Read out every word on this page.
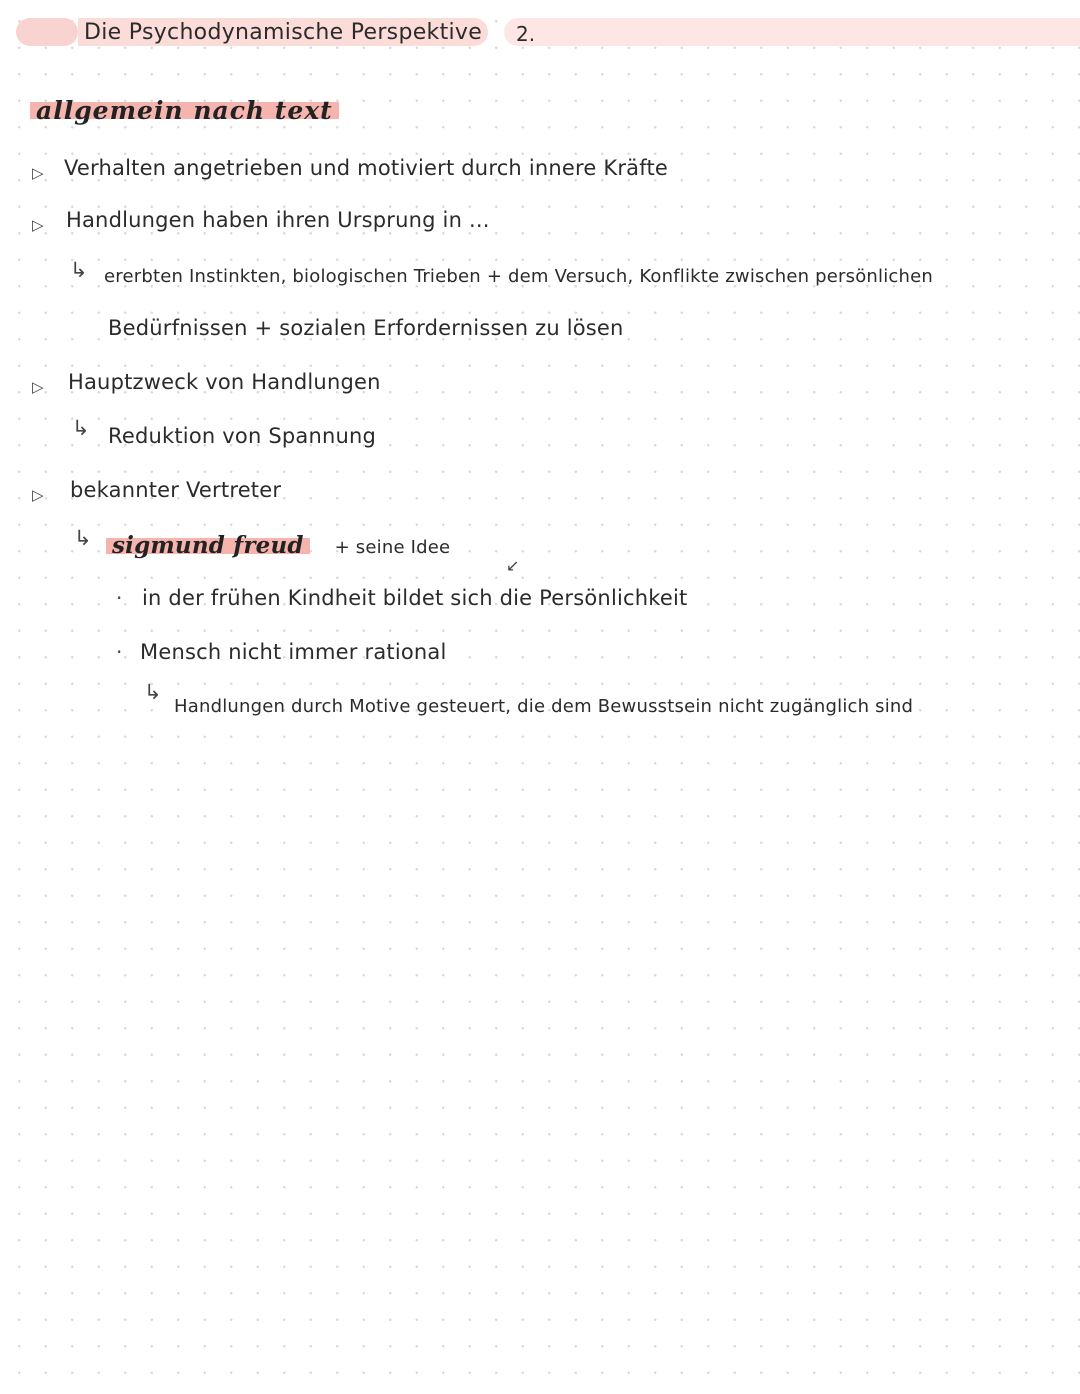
Die Psychodynamische Perspektive 2.
allgemein nach text
▷ Verhalten angetrieben und motiviert durch innere Kräfte
▷ Handlungen haben ihren Ursprung in ...
↳ ererbten Instinkten, biologischen Trieben + dem Versuch, Konflikte zwischen persönlichen
Bedürfnissen + sozialen Erfordernissen zu lösen
▷ Hauptzweck von Handlungen
↳ Reduktion von Spannung
▷ bekannter Vertreter
↳ sigmund freud + seine Idee
↙
· in der frühen Kindheit bildet sich die Persönlichkeit
· Mensch nicht immer rational
↳
Handlungen durch Motive gesteuert, die dem Bewusstsein nicht zugänglich sind
